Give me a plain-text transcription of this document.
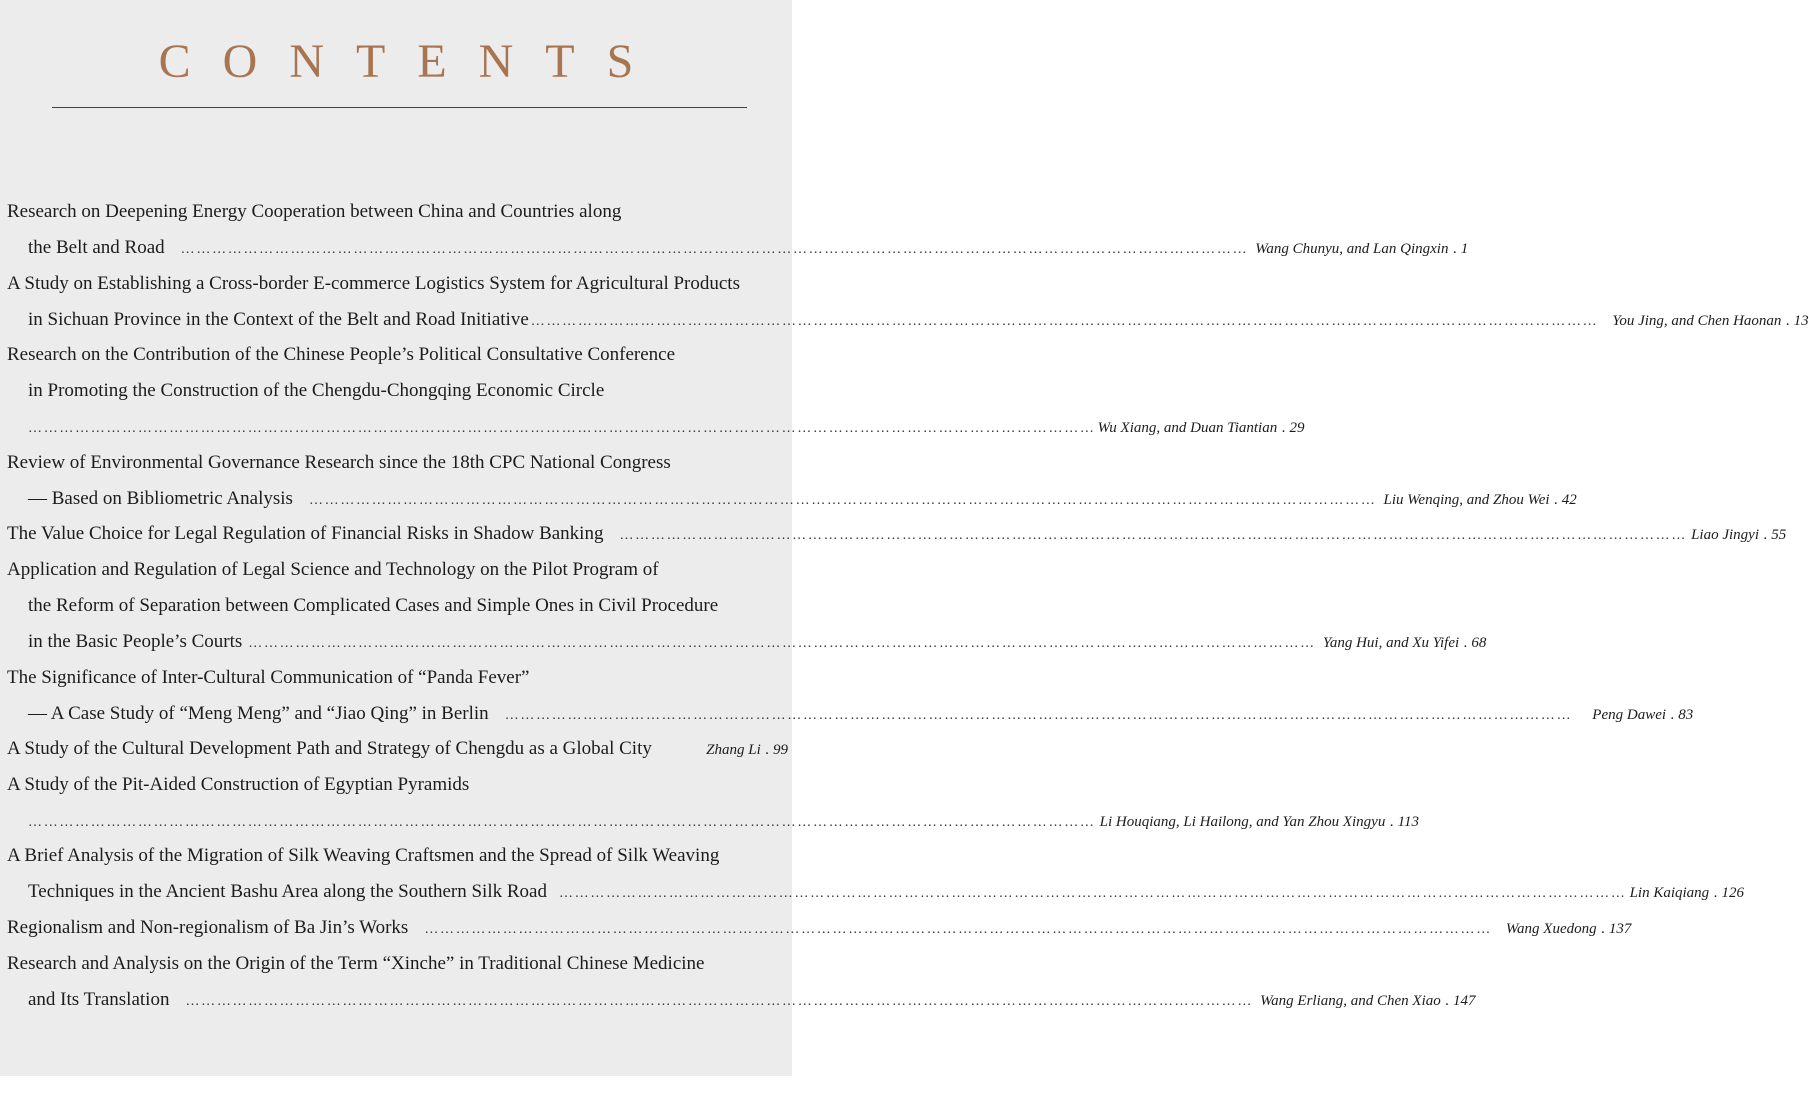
CONTENTS
Research on Deepening Energy Cooperation between China and Countries along
the Belt and Road …………………………………………………………………………………………………………………………………………………………………………………… Wang Chunyu, and Lan Qingxin
. 1
A Study on Establishing a Cross-border E-commerce Logistics System for Agricultural Products
in Sichuan Province in the Context of the Belt and Road Initiative …………………………………………………………………………………………………………………………………………………………………………………… You Jing, and Chen Haonan
. 13
Research on the Contribution of the Chinese People’s Political Consultative Conference
in Promoting the Construction of the Chengdu-Chongqing Economic Circle
…………………………………………………………………………………………………………………………………………………………………………………… Wu Xiang, and Duan Tiantian
. 29
Review of Environmental Governance Research since the 18th CPC National Congress
— Based on Bibliometric Analysis …………………………………………………………………………………………………………………………………………………………………………………… Liu Wenqing, and Zhou Wei
. 42
The Value Choice for Legal Regulation of Financial Risks in Shadow Banking …………………………………………………………………………………………………………………………………………………………………………………… Liao Jingyi
. 55
Application and Regulation of Legal Science and Technology on the Pilot Program of
the Reform of Separation between Complicated Cases and Simple Ones in Civil Procedure
in the Basic People’s Courts …………………………………………………………………………………………………………………………………………………………………………………… Yang Hui, and Xu Yifei
. 68
The Significance of Inter-Cultural Communication of “Panda Fever”
— A Case Study of “Meng Meng” and “Jiao Qing” in Berlin …………………………………………………………………………………………………………………………………………………………………………………… Peng Dawei
. 83
A Study of the Cultural Development Path and Strategy of Chengdu as a Global City	Zhang Li
. 99
A Study of the Pit-Aided Construction of Egyptian Pyramids
…………………………………………………………………………………………………………………………………………………………………………………… Li Houqiang, Li Hailong, and Yan Zhou Xingyu
. 113
A Brief Analysis of the Migration of Silk Weaving Craftsmen and the Spread of Silk Weaving
Techniques in the Ancient Bashu Area along the Southern Silk Road …………………………………………………………………………………………………………………………………………………………………………………… Lin Kaiqiang
. 126
Regionalism and Non-regionalism of Ba Jin’s Works …………………………………………………………………………………………………………………………………………………………………………………… Wang Xuedong
. 137
Research and Analysis on the Origin of the Term “Xinche” in Traditional Chinese Medicine
and Its Translation …………………………………………………………………………………………………………………………………………………………………………………… Wang Erliang, and Chen Xiao
. 147
